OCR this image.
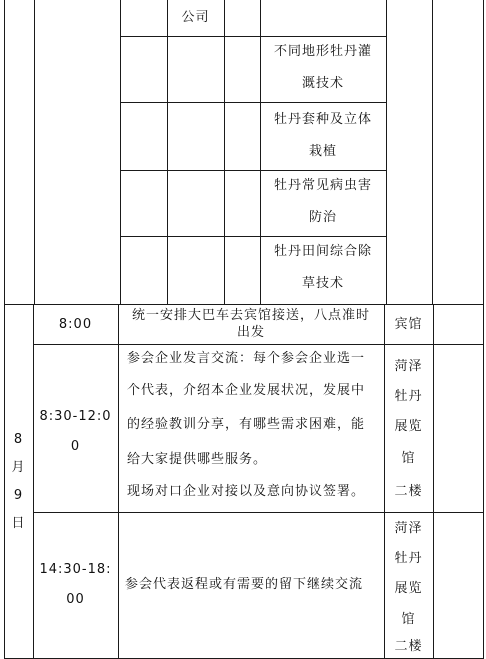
公司
不同地形牡丹灌
溉技术
牡丹套种及立体
栽植
牡丹常见病虫害
防治
牡丹田间综合除
草技术
8
月
9
日
8:00
统一安排大巴车去宾馆接送，八点准时
出发
宾馆
8:30-12:0
0
参会企业发言交流：每个参会企业选一
个代表，介绍本企业发展状况，发展中
的经验教训分享，有哪些需求困难，能
给大家提供哪些服务。
现场对口企业对接以及意向协议签署。
菏泽
牡丹
展览
馆
二楼
14:30-18:
00
参会代表返程或有需要的留下继续交流
菏泽
牡丹
展览
馆
二楼
